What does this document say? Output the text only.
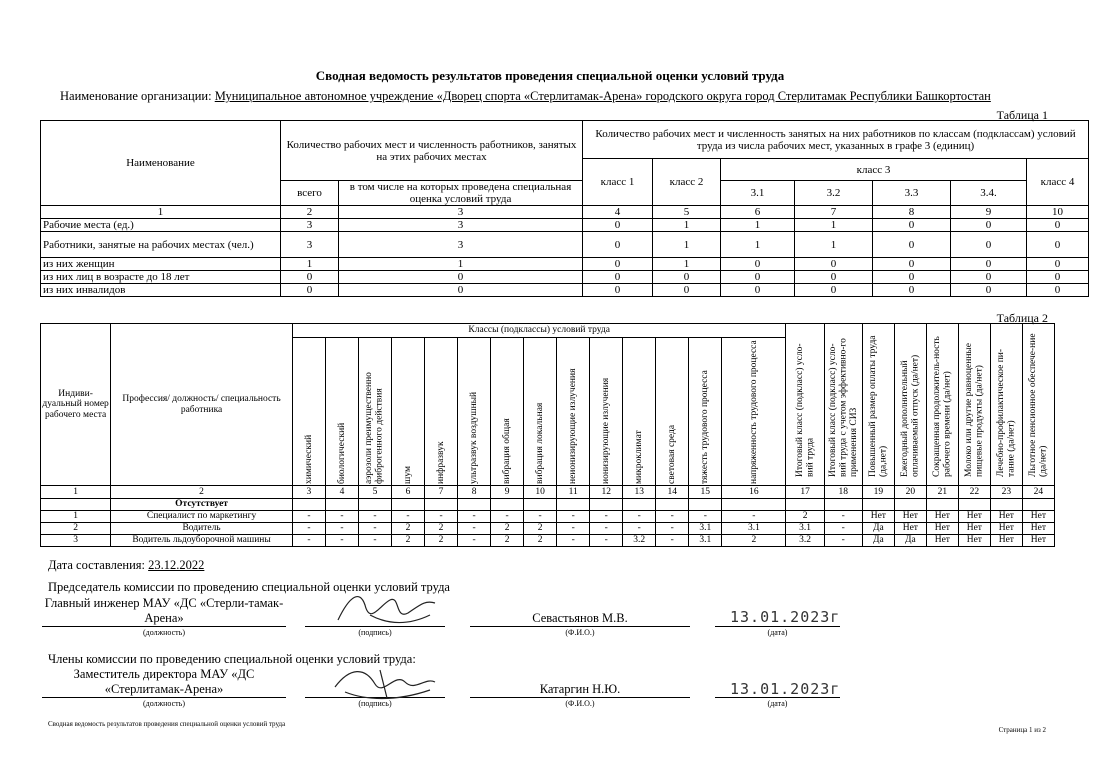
Сводная ведомость результатов проведения специальной оценки условий труда
Наименование организации: Муниципальное автономное учреждение «Дворец спорта «Стерлитамак-Арена» городского округа город Стерлитамак Республики Башкортостан
Таблица 1
Наименование	Количество рабочих мест и численность работников, занятых на этих рабочих местах		Количество рабочих мест и численность занятых на них работников по классам (подклассам) условий труда из числа рабочих мест, указанных в графе 3 (единиц)						
			класс 1	класс 2	класс 3				класс 4
	всего	в том числе на которых проведена специальная оценка условий труда			3.1	3.2	3.3	3.4.	
1	2	3	4	5	6	7	8	9	10
Рабочие места (ед.)	3	3	0	1	1	1	0	0	0
Работники, занятые на рабочих местах (чел.)	3	3	0	1	1	1	0	0	0
из них женщин	1	1	0	1	0	0	0	0	0
из них лиц в возрасте до 18 лет	0	0	0	0	0	0	0	0	0
из них инвалидов	0	0	0	0	0	0	0	0	0
Таблица 2
Индиви-дуальный номер рабочего места	Профессия/ должность/ специальность работника	Классы (подклассы) условий труда														Итоговый класс (подкласс) усло-вий труда	Итоговый класс (подкласс) усло-вий труда с учетом эффективно-го применения СИЗ	Повышенный размер оплаты труда (да,нет)	Ежегодный дополнительный оплачиваемый отпуск (да/нет)	Сокращенная продолжитель-ность рабочего времени (да/нет)	Молоко или другие равноценные пищевые продукты (да/нет)	Лечебно-профилактическое пи-тание (да/нет)	Льготное пенсионное обеспече-ние (да/нет)

		химический	биологический	аэрозоли преимущественно фиброгенного действия	шум	инфразвук	ультразвук воздушный	вибрация общая	вибрация локальная	неионизирующие излучения	ионизирующие излучения	микроклимат	световая среда	тяжесть трудового процесса	напряженность трудового процесса								

1	2	3	4	5	6	7	8	9	10	11	12	13	14	15	16	17	18	19	20	21	22	23	24
	Отсутствует																						
1	Специалист по маркетингу	-	-	-	-	-	-	-	-	-	-	-	-	-	-	2	-	Нет	Нет	Нет	Нет	Нет	Нет
2	Водитель	-	-	-	2	2	-	2	2	-	-	-	-	3.1	3.1	3.1	-	Да	Нет	Нет	Нет	Нет	Нет
3	Водитель льдоуборочной машины	-	-	-	2	2	-	2	2	-	-	3.2	-	3.1	2	3.2	-	Да	Да	Нет	Нет	Нет	Нет
Дата составления: 23.12.2022
Председатель комиссии по проведению специальной оценки условий труда
Главный инженер МАУ «ДС «Стерли-тамак-Арена»
(должность)	(подпись)
Севастьянов М.В.
(Ф.И.О.)
13.01.2023г
(дата)
Члены комиссии по проведению специальной оценки условий труда:
Заместитель директора МАУ «ДС «Стерлитамак-Арена»
(должность)	(подпись)
Катаргин Н.Ю.
(Ф.И.О.)
13.01.2023г
(дата)
Сводная ведомость результатов проведения специальной оценки условий труда
Страница 1 из 2
